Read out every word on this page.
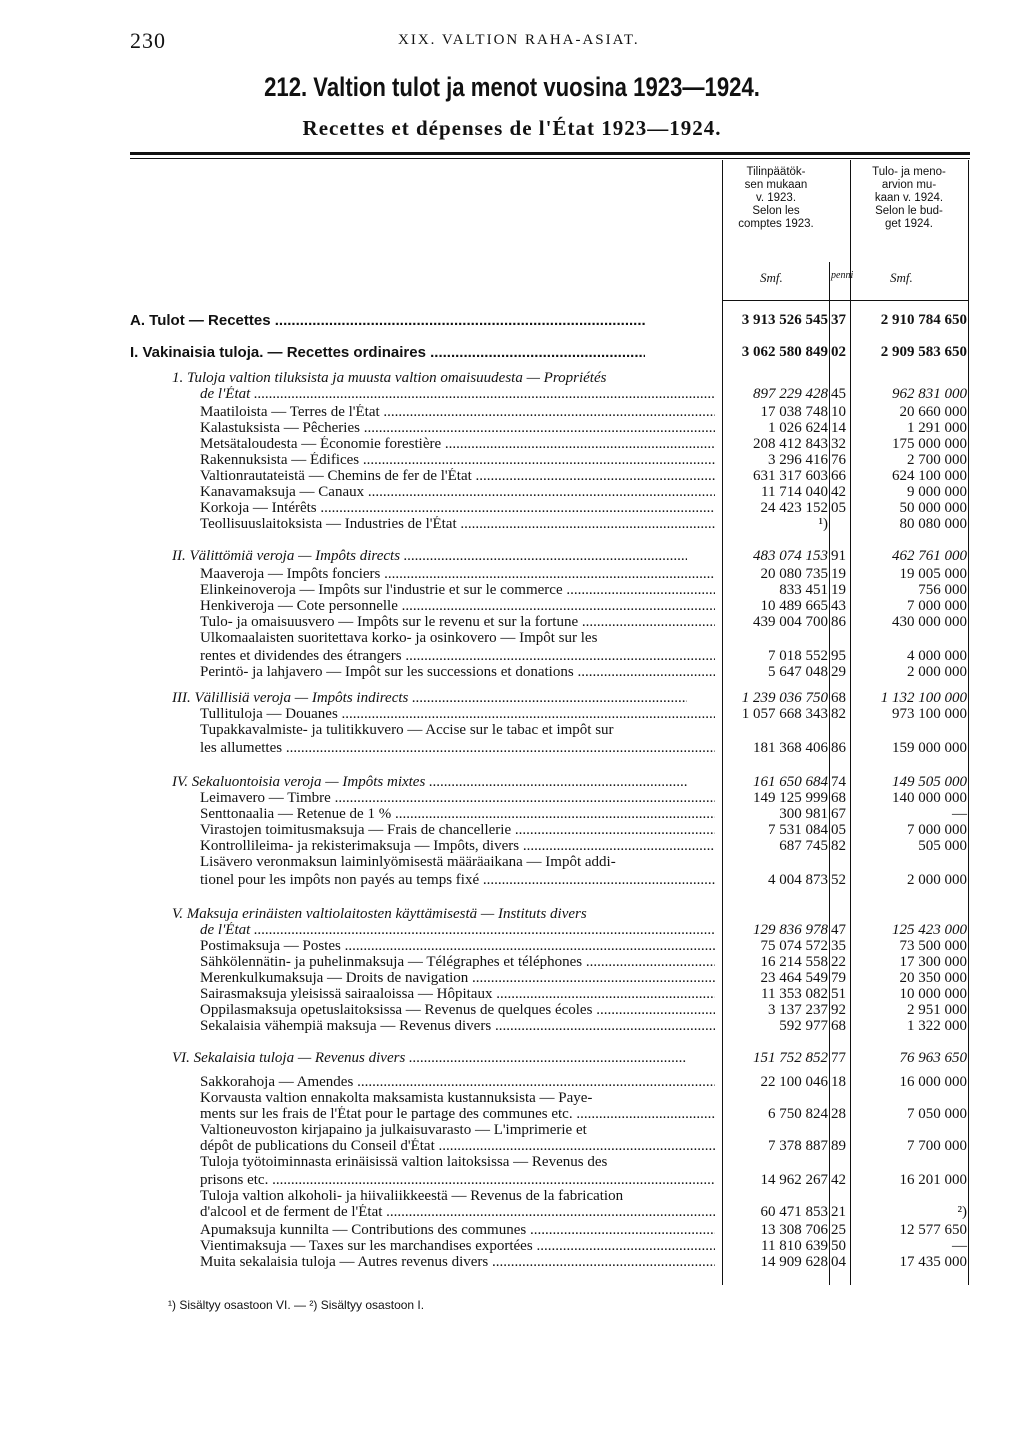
230	XIX. VALTION RAHA-ASIAT.
212. Valtion tulot ja menot vuosina 1923—1924.
Recettes et dépenses de l'État 1923—1924.
Tilinpäätök-
sen mukaan
v. 1923.
Selon les
comptes 1923.
Tulo- ja meno-
arvion mu-
kaan v. 1924.
Selon le bud-
get 1924.
Smf.	penni	Smf.
A. Tulot — Recettes .....	3 913 526 545 37	2 910 784 650
I. Vakinaisia tuloja. — Recettes ordinaires .....	3 062 580 849 02	2 909 583 650
1. Tuloja valtion tiluksista ja muusta valtion omaisuudesta — Propriétés
de l'État .....	897 229 428 45	962 831 000
Maatiloista — Terres de l'État .....	17 038 748 10	20 660 000
Kalastuksista — Pêcheries .....	1 026 624 14	1 291 000
Metsätaloudesta — Économie forestière .....	208 412 843 32	175 000 000
Rakennuksista — Édifices .....	3 296 416 76	2 700 000
Valtionrautateistä — Chemins de fer de l'État .....	631 317 603 66	624 100 000
Kanavamaksuja — Canaux .....	11 714 040 42	9 000 000
Korkoja — Intérêts .....	24 423 152 05	50 000 000
Teollisuuslaitoksista — Industries de l'État .....	¹)	80 080 000
II. Välittömiä veroja — Impôts directs .....	483 074 153 91	462 761 000
Maaveroja — Impôts fonciers .....	20 080 735 19	19 005 000
Elinkeinoveroja — Impôts sur l'industrie et sur le commerce .....	833 451 19	756 000
Henkiveroja — Cote personnelle .....	10 489 665 43	7 000 000
Tulo- ja omaisuusvero — Impôts sur le revenu et sur la fortune .....	439 004 700 86	430 000 000
Ulkomaalaisten suoritettava korko- ja osinkovero — Impôt sur les
rentes et dividendes des étrangers .....	7 018 552 95	4 000 000
Perintö- ja lahjavero — Impôt sur les successions et donations .....	5 647 048 29	2 000 000
III. Välillisiä veroja — Impôts indirects .....	1 239 036 750 68	1 132 100 000
Tullituloja — Douanes .....	1 057 668 343 82	973 100 000
Tupakkavalmiste- ja tulitikkuvero — Accise sur le tabac et impôt sur
les allumettes .....	181 368 406 86	159 000 000
IV. Sekaluontoisia veroja — Impôts mixtes .....	161 650 684 74	149 505 000
Leimavero — Timbre .....	149 125 999 68	140 000 000
Senttonaalia — Retenue de 1 % .....	300 981 67	—
Virastojen toimitusmaksuja — Frais de chancellerie .....	7 531 084 05	7 000 000
Kontrollileima- ja rekisterimaksuja — Impôts, divers .....	687 745 82	505 000
Lisävero veronmaksun laiminlyömisestä määräaikana — Impôt addi-
tionel pour les impôts non payés au temps fixé .....	4 004 873 52	2 000 000
V. Maksuja erinäisten valtiolaitosten käyttämisestä — Instituts divers
de l'État .....	129 836 978 47	125 423 000
Postimaksuja — Postes .....	75 074 572 35	73 500 000
Sähkölennätin- ja puhelinmaksuja — Télégraphes et téléphones .....	16 214 558 22	17 300 000
Merenkulkumaksuja — Droits de navigation .....	23 464 549 79	20 350 000
Sairasmaksuja yleisissä sairaaloissa — Hôpitaux .....	11 353 082 51	10 000 000
Oppilasmaksuja opetuslaitoksissa — Revenus de quelques écoles .....	3 137 237 92	2 951 000
Sekalaisia vähempiä maksuja — Revenus divers .....	592 977 68	1 322 000
VI. Sekalaisia tuloja — Revenus divers .....	151 752 852 77	76 963 650
Sakkorahoja — Amendes .....	22 100 046 18	16 000 000
Korvausta valtion ennakolta maksamista kustannuksista — Paye-
ments sur les frais de l'État pour le partage des communes etc. .....	6 750 824 28	7 050 000
Valtioneuvoston kirjapaino ja julkaisuvarasto — L'imprimerie et
dépôt de publications du Conseil d'État .....	7 378 887 89	7 700 000
Tuloja työtoiminnasta erinäisissä valtion laitoksissa — Revenus des
prisons etc. .....	14 962 267 42	16 201 000
Tuloja valtion alkoholi- ja hiivaliikkeestä — Revenus de la fabrication
d'alcool et de ferment de l'État .....	60 471 853 21	²)
Apumaksuja kunnilta — Contributions des communes .....	13 308 706 25	12 577 650
Vientimaksuja — Taxes sur les marchandises exportées .....	11 810 639 50	—
Muita sekalaisia tuloja — Autres revenus divers .....	14 909 628 04	17 435 000
¹) Sisältyy osastoon VI. — ²) Sisältyy osastoon I.
